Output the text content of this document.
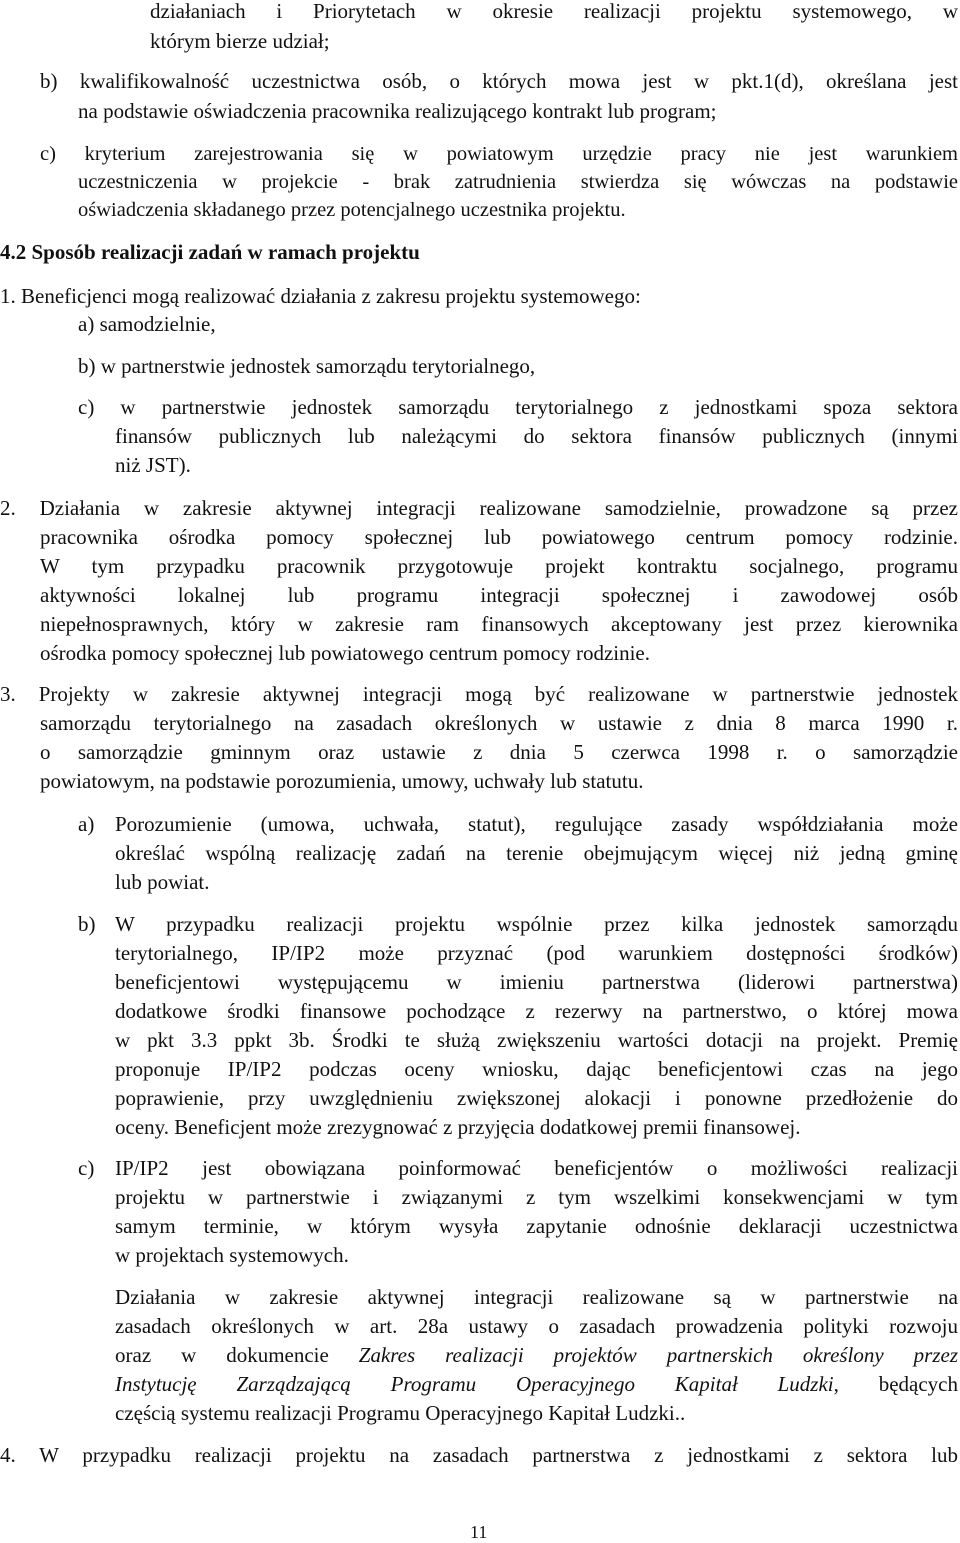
działaniach i Priorytetach w okresie realizacji projektu systemowego, w
którym bierze udział;
b) kwalifikowalność uczestnictwa osób, o których mowa jest w pkt.1(d), określana jest
na podstawie oświadczenia pracownika realizującego kontrakt lub program;
c) kryterium zarejestrowania się w powiatowym urzędzie pracy nie jest warunkiem
uczestniczenia w projekcie - brak zatrudnienia stwierdza się wówczas na podstawie
oświadczenia składanego przez potencjalnego uczestnika projektu.
4.2 Sposób realizacji zadań w ramach projektu
1. Beneficjenci mogą realizować działania z zakresu projektu systemowego:
a) samodzielnie,
b) w partnerstwie jednostek samorządu terytorialnego,
c) w partnerstwie jednostek samorządu terytorialnego z jednostkami spoza sektora
finansów publicznych lub należącymi do sektora finansów publicznych (innymi
niż JST).
2. Działania w zakresie aktywnej integracji realizowane samodzielnie, prowadzone są przez
pracownika ośrodka pomocy społecznej lub powiatowego centrum pomocy rodzinie.
W tym przypadku pracownik przygotowuje projekt kontraktu socjalnego, programu
aktywności lokalnej lub programu integracji społecznej i zawodowej osób
niepełnosprawnych, który w zakresie ram finansowych akceptowany jest przez kierownika
ośrodka pomocy społecznej lub powiatowego centrum pomocy rodzinie.
3. Projekty w zakresie aktywnej integracji mogą być realizowane w partnerstwie jednostek
samorządu terytorialnego na zasadach określonych w ustawie z dnia 8 marca 1990 r.
o samorządzie gminnym oraz ustawie z dnia 5 czerwca 1998 r. o samorządzie
powiatowym, na podstawie porozumienia, umowy, uchwały lub statutu.
a) Porozumienie (umowa, uchwała, statut), regulujące zasady współdziałania może
określać wspólną realizację zadań na terenie obejmującym więcej niż jedną gminę
lub powiat.
b) W przypadku realizacji projektu wspólnie przez kilka jednostek samorządu
terytorialnego, IP/IP2 może przyznać (pod warunkiem dostępności środków)
beneficjentowi występującemu w imieniu partnerstwa (liderowi partnerstwa)
dodatkowe środki finansowe pochodzące z rezerwy na partnerstwo, o której mowa
w pkt 3.3 ppkt 3b. Środki te służą zwiększeniu wartości dotacji na projekt. Premię
proponuje IP/IP2 podczas oceny wniosku, dając beneficjentowi czas na jego
poprawienie, przy uwzględnieniu zwiększonej alokacji i ponowne przedłożenie do
oceny. Beneficjent może zrezygnować z przyjęcia dodatkowej premii finansowej.
c) IP/IP2 jest obowiązana poinformować beneficjentów o możliwości realizacji
projektu w partnerstwie i związanymi z tym wszelkimi konsekwencjami w tym
samym terminie, w którym wysyła zapytanie odnośnie deklaracji uczestnictwa
w projektach systemowych.
Działania w zakresie aktywnej integracji realizowane są w partnerstwie na
zasadach określonych w art. 28a ustawy o zasadach prowadzenia polityki rozwoju
oraz w dokumencie Zakres realizacji projektów partnerskich określony przez
Instytucję Zarządzającą Programu Operacyjnego Kapitał Ludzki, będących
częścią systemu realizacji Programu Operacyjnego Kapitał Ludzki..
4. W przypadku realizacji projektu na zasadach partnerstwa z jednostkami z sektora lub
11
